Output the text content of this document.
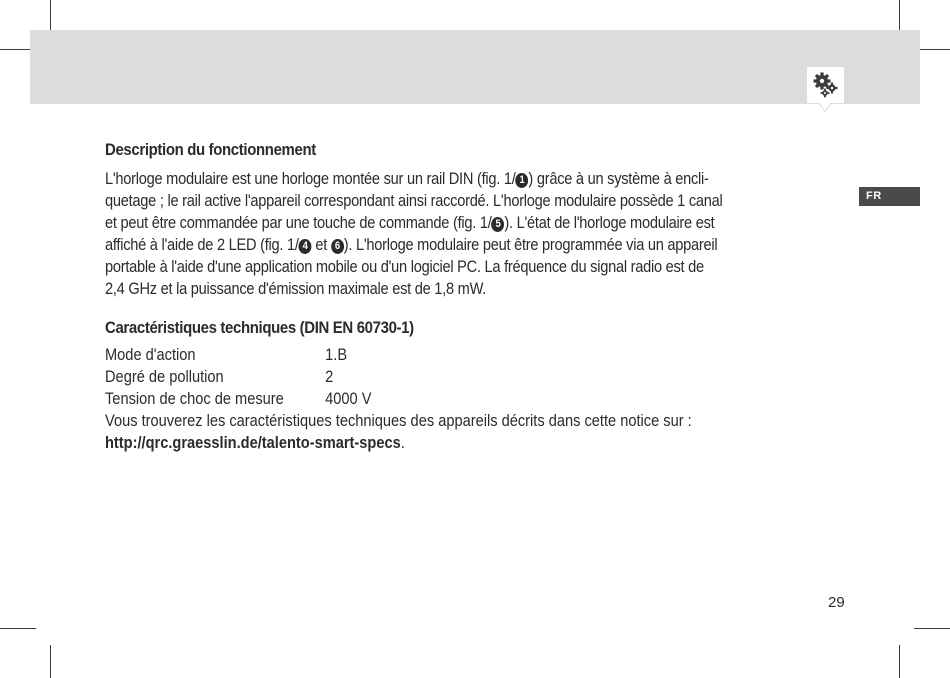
FR
Description du fonctionnement
L'horloge modulaire est une horloge montée sur un rail DIN (fig. 1/ 1 ) grâce à un système à encli-
quetage ; le rail active l'appareil correspondant ainsi raccordé. L'horloge modulaire possède 1 canal
et peut être commandée par une touche de commande (fig. 1/ 5 ). L'état de l'horloge modulaire est
affiché à l'aide de 2 LED (fig. 1/ 4 et 6 ). L'horloge modulaire peut être programmée via un appareil
portable à l'aide d'une application mobile ou d'un logiciel PC. La fréquence du signal radio est de
2,4 GHz et la puissance d'émission maximale est de 1,8 mW.
Caractéristiques techniques (DIN EN 60730-1)
Mode d'action	1.B
Degré de pollution	2
Tension de choc de mesure	4000 V
Vous trouverez les caractéristiques techniques des appareils décrits dans cette notice sur :
http://qrc.graesslin.de/talento-smart-specs .
29
